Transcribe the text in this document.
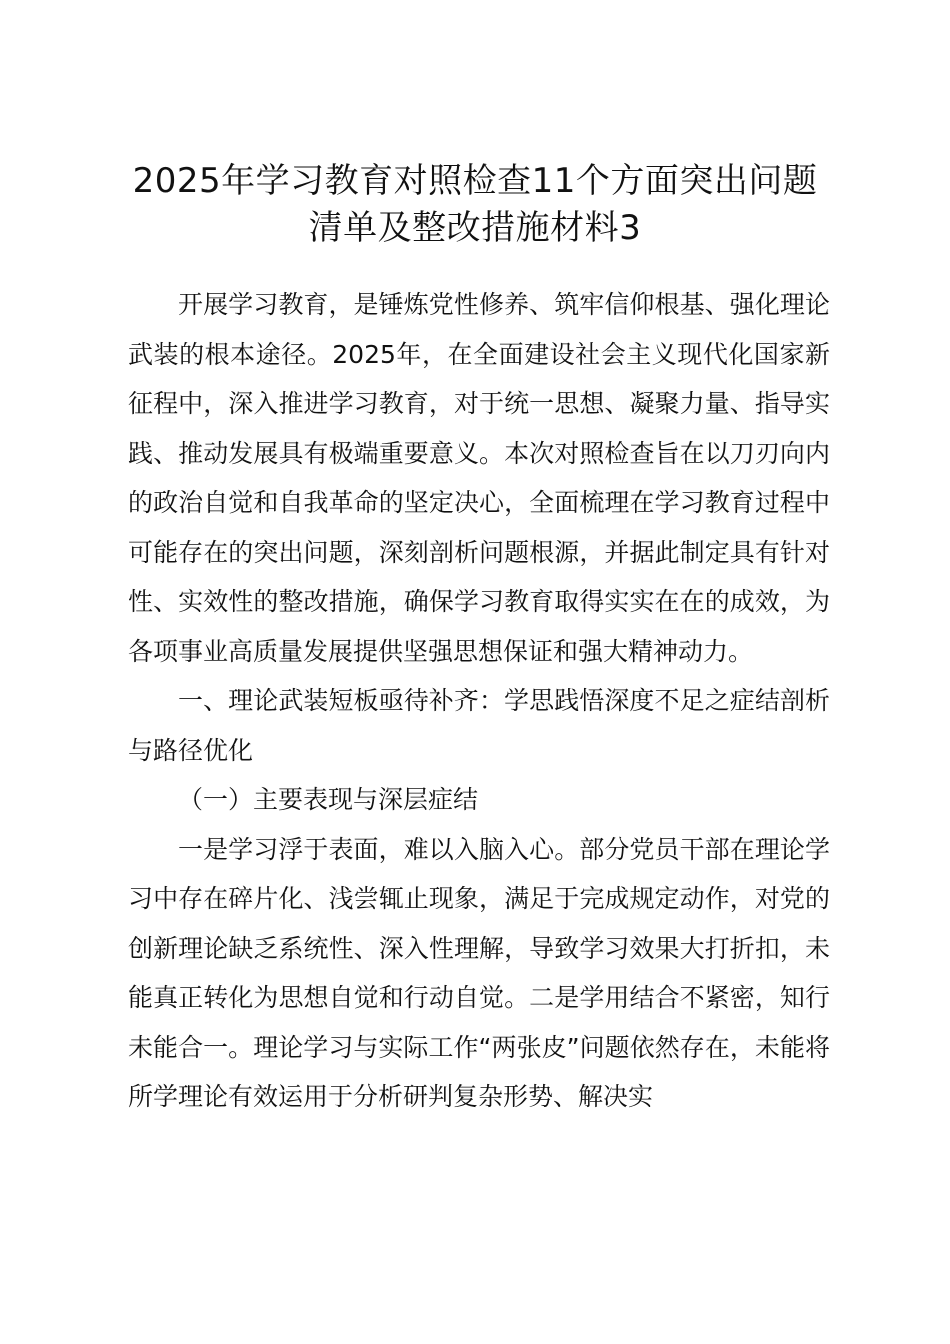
2025年学习教育对照检查11个方面突出问题清单及整改措施材料3

开展学习教育，是锤炼党性修养、筑牢信仰根基、强化理论武装的根本途径。2025年，在全面建设社会主义现代化国家新征程中，深入推进学习教育，对于统一思想、凝聚力量、指导实践、推动发展具有极端重要意义。本次对照检查旨在以刀刃向内的政治自觉和自我革命的坚定决心，全面梳理在学习教育过程中可能存在的突出问题，深刻剖析问题根源，并据此制定具有针对性、实效性的整改措施，确保学习教育取得实实在在的成效，为各项事业高质量发展提供坚强思想保证和强大精神动力。

一、理论武装短板亟待补齐：学思践悟深度不足之症结剖析与路径优化

（一）主要表现与深层症结

一是学习浮于表面，难以入脑入心。部分党员干部在理论学习中存在碎片化、浅尝辄止现象，满足于完成规定动作，对党的创新理论缺乏系统性、深入性理解，导致学习效果大打折扣，未能真正转化为思想自觉和行动自觉。二是学用结合不紧密，知行未能合一。理论学习与实际工作“两张皮”问题依然存在，未能将所学理论有效运用于分析研判复杂形势、解决实
